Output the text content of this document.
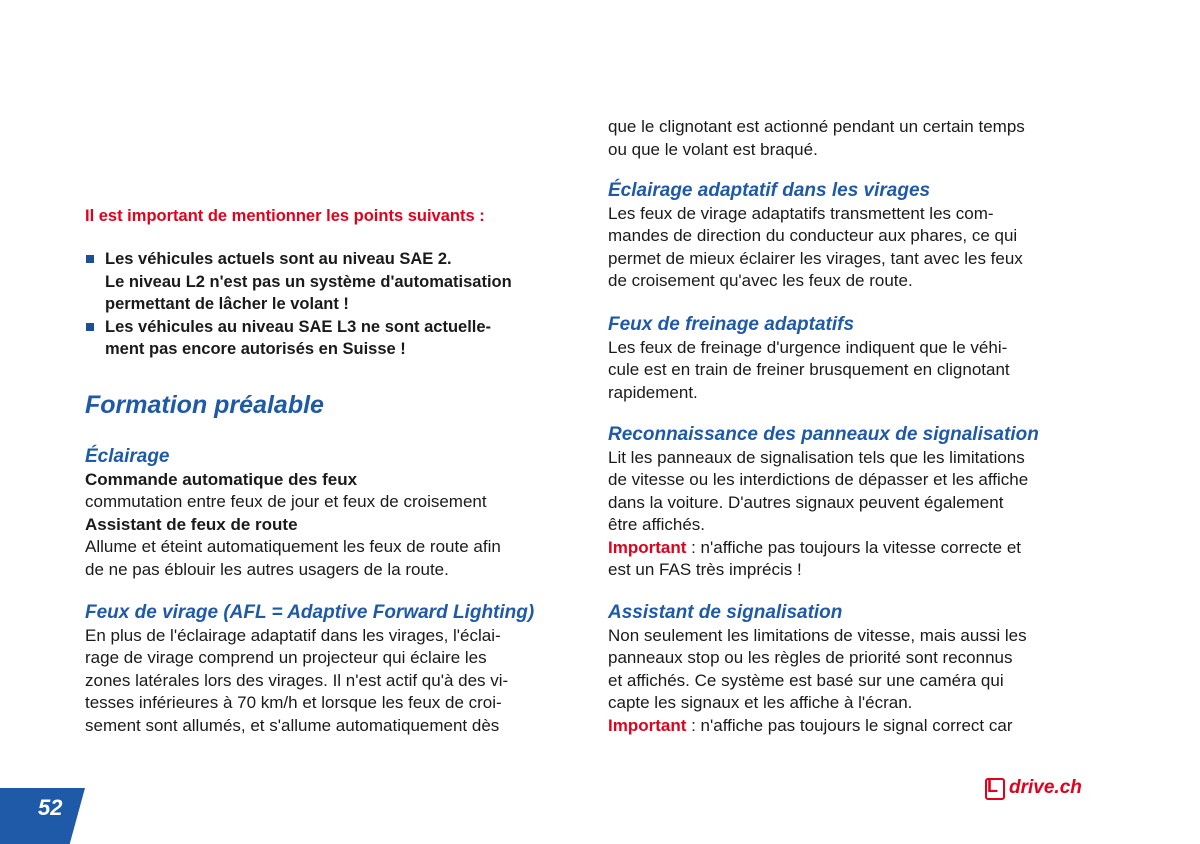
Il est important de mentionner les points suivants :

Les véhicules actuels sont au niveau SAE 2.
Le niveau L2 n'est pas un système d'automatisation
permettant de lâcher le volant !
Les véhicules au niveau SAE L3 ne sont actuelle-
ment pas encore autorisés en Suisse !

Formation préalable

Éclairage

Commande automatique des feux

commutation entre feux de jour et feux de croisement

Assistant de feux de route

Allume et éteint automatiquement les feux de route afin

de ne pas éblouir les autres usagers de la route.

Feux de virage (AFL = Adaptive Forward Lighting)

En plus de l'éclairage adaptatif dans les virages, l'éclai-

rage de virage comprend un projecteur qui éclaire les

zones latérales lors des virages. Il n'est actif qu'à des vi-

tesses inférieures à 70 km/h et lorsque les feux de croi-

sement sont allumés, et s'allume automatiquement dès

que le clignotant est actionné pendant un certain temps

ou que le volant est braqué.

Éclairage adaptatif dans les virages

Les feux de virage adaptatifs transmettent les com-

mandes de direction du conducteur aux phares, ce qui

permet de mieux éclairer les virages, tant avec les feux

de croisement qu'avec les feux de route.

Feux de freinage adaptatifs

Les feux de freinage d'urgence indiquent que le véhi-

cule est en train de freiner brusquement en clignotant

rapidement.

Reconnaissance des panneaux de signalisation

Lit les panneaux de signalisation tels que les limitations

de vitesse ou les interdictions de dépasser et les affiche

dans la voiture. D'autres signaux peuvent également

être affichés.

Important : n'affiche pas toujours la vitesse correcte et

est un FAS très imprécis !

Assistant de signalisation

Non seulement les limitations de vitesse, mais aussi les

panneaux stop ou les règles de priorité sont reconnus

et affichés. Ce système est basé sur une caméra qui

capte les signaux et les affiche à l'écran.

Important : n'affiche pas toujours le signal correct car

52
L drive.ch
